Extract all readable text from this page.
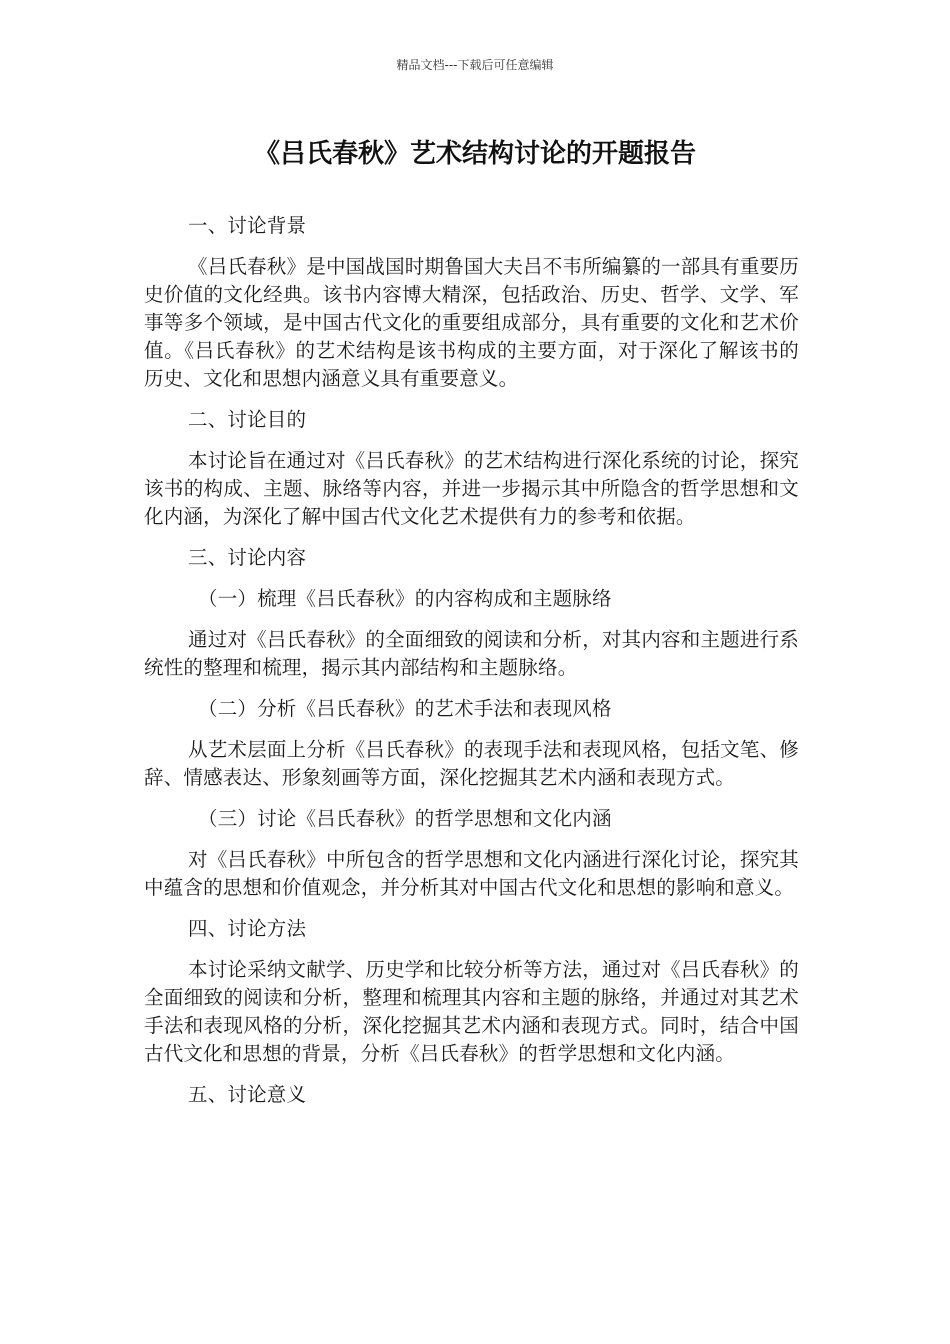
精品文档---下载后可任意编辑
《吕氏春秋》艺术结构讨论的开题报告
一、讨论背景
《吕氏春秋》是中国战国时期鲁国大夫吕不韦所编纂的一部具有重要历史价值的文化经典。该书内容博大精深，包括政治、历史、哲学、文学、军事等多个领域，是中国古代文化的重要组成部分，具有重要的文化和艺术价值。《吕氏春秋》的艺术结构是该书构成的主要方面，对于深化了解该书的历史、文化和思想内涵意义具有重要意义。
二、讨论目的
本讨论旨在通过对《吕氏春秋》的艺术结构进行深化系统的讨论，探究该书的构成、主题、脉络等内容，并进一步揭示其中所隐含的哲学思想和文化内涵，为深化了解中国古代文化艺术提供有力的参考和依据。
三、讨论内容
（一）梳理《吕氏春秋》的内容构成和主题脉络
通过对《吕氏春秋》的全面细致的阅读和分析，对其内容和主题进行系统性的整理和梳理，揭示其内部结构和主题脉络。
（二）分析《吕氏春秋》的艺术手法和表现风格
从艺术层面上分析《吕氏春秋》的表现手法和表现风格，包括文笔、修辞、情感表达、形象刻画等方面，深化挖掘其艺术内涵和表现方式。
（三）讨论《吕氏春秋》的哲学思想和文化内涵
对《吕氏春秋》中所包含的哲学思想和文化内涵进行深化讨论，探究其中蕴含的思想和价值观念，并分析其对中国古代文化和思想的影响和意义。
四、讨论方法
本讨论采纳文献学、历史学和比较分析等方法，通过对《吕氏春秋》的全面细致的阅读和分析，整理和梳理其内容和主题的脉络，并通过对其艺术手法和表现风格的分析，深化挖掘其艺术内涵和表现方式。同时，结合中国古代文化和思想的背景，分析《吕氏春秋》的哲学思想和文化内涵。
五、讨论意义
